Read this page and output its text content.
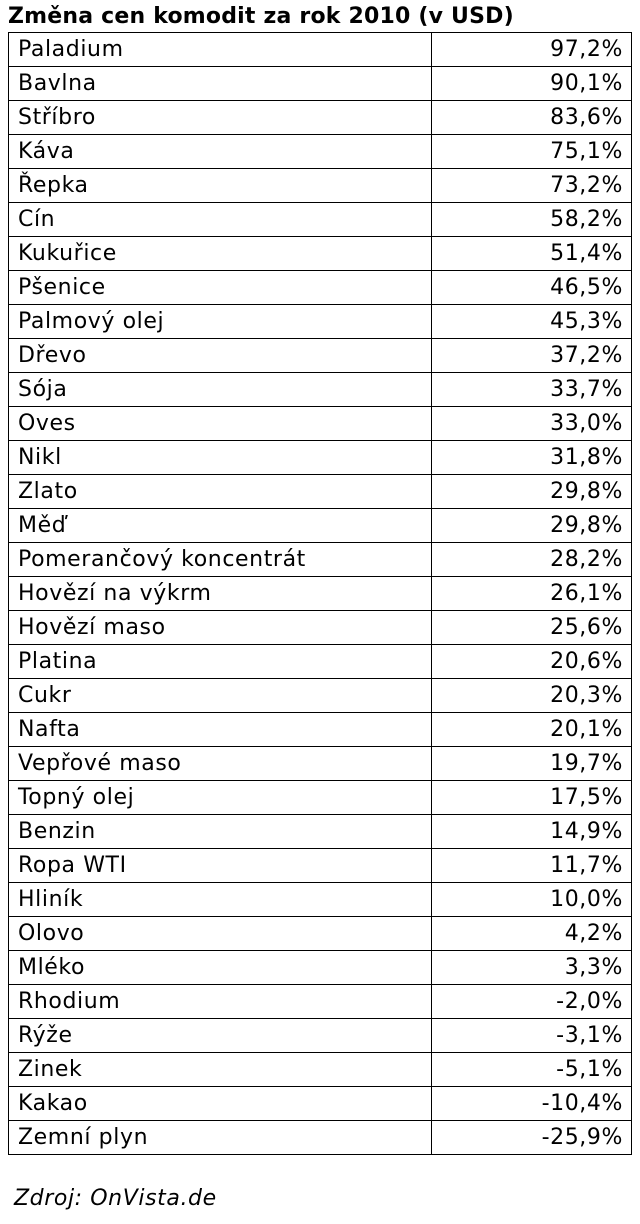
Změna cen komodit za rok 2010 (v USD)
Paladium	97,2%
Bavlna	90,1%
Stříbro	83,6%
Káva	75,1%
Řepka	73,2%
Cín	58,2%
Kukuřice	51,4%
Pšenice	46,5%
Palmový olej	45,3%
Dřevo	37,2%
Sója	33,7%
Oves	33,0%
Nikl	31,8%
Zlato	29,8%
Měď	29,8%
Pomerančový koncentrát	28,2%
Hovězí na výkrm	26,1%
Hovězí maso	25,6%
Platina	20,6%
Cukr	20,3%
Nafta	20,1%
Vepřové maso	19,7%
Topný olej	17,5%
Benzin	14,9%
Ropa WTI	11,7%
Hliník	10,0%
Olovo	4,2%
Mléko	3,3%
Rhodium	-2,0%
Rýže	-3,1%
Zinek	-5,1%
Kakao	-10,4%
Zemní plyn	-25,9%
Zdroj: OnVista.de
